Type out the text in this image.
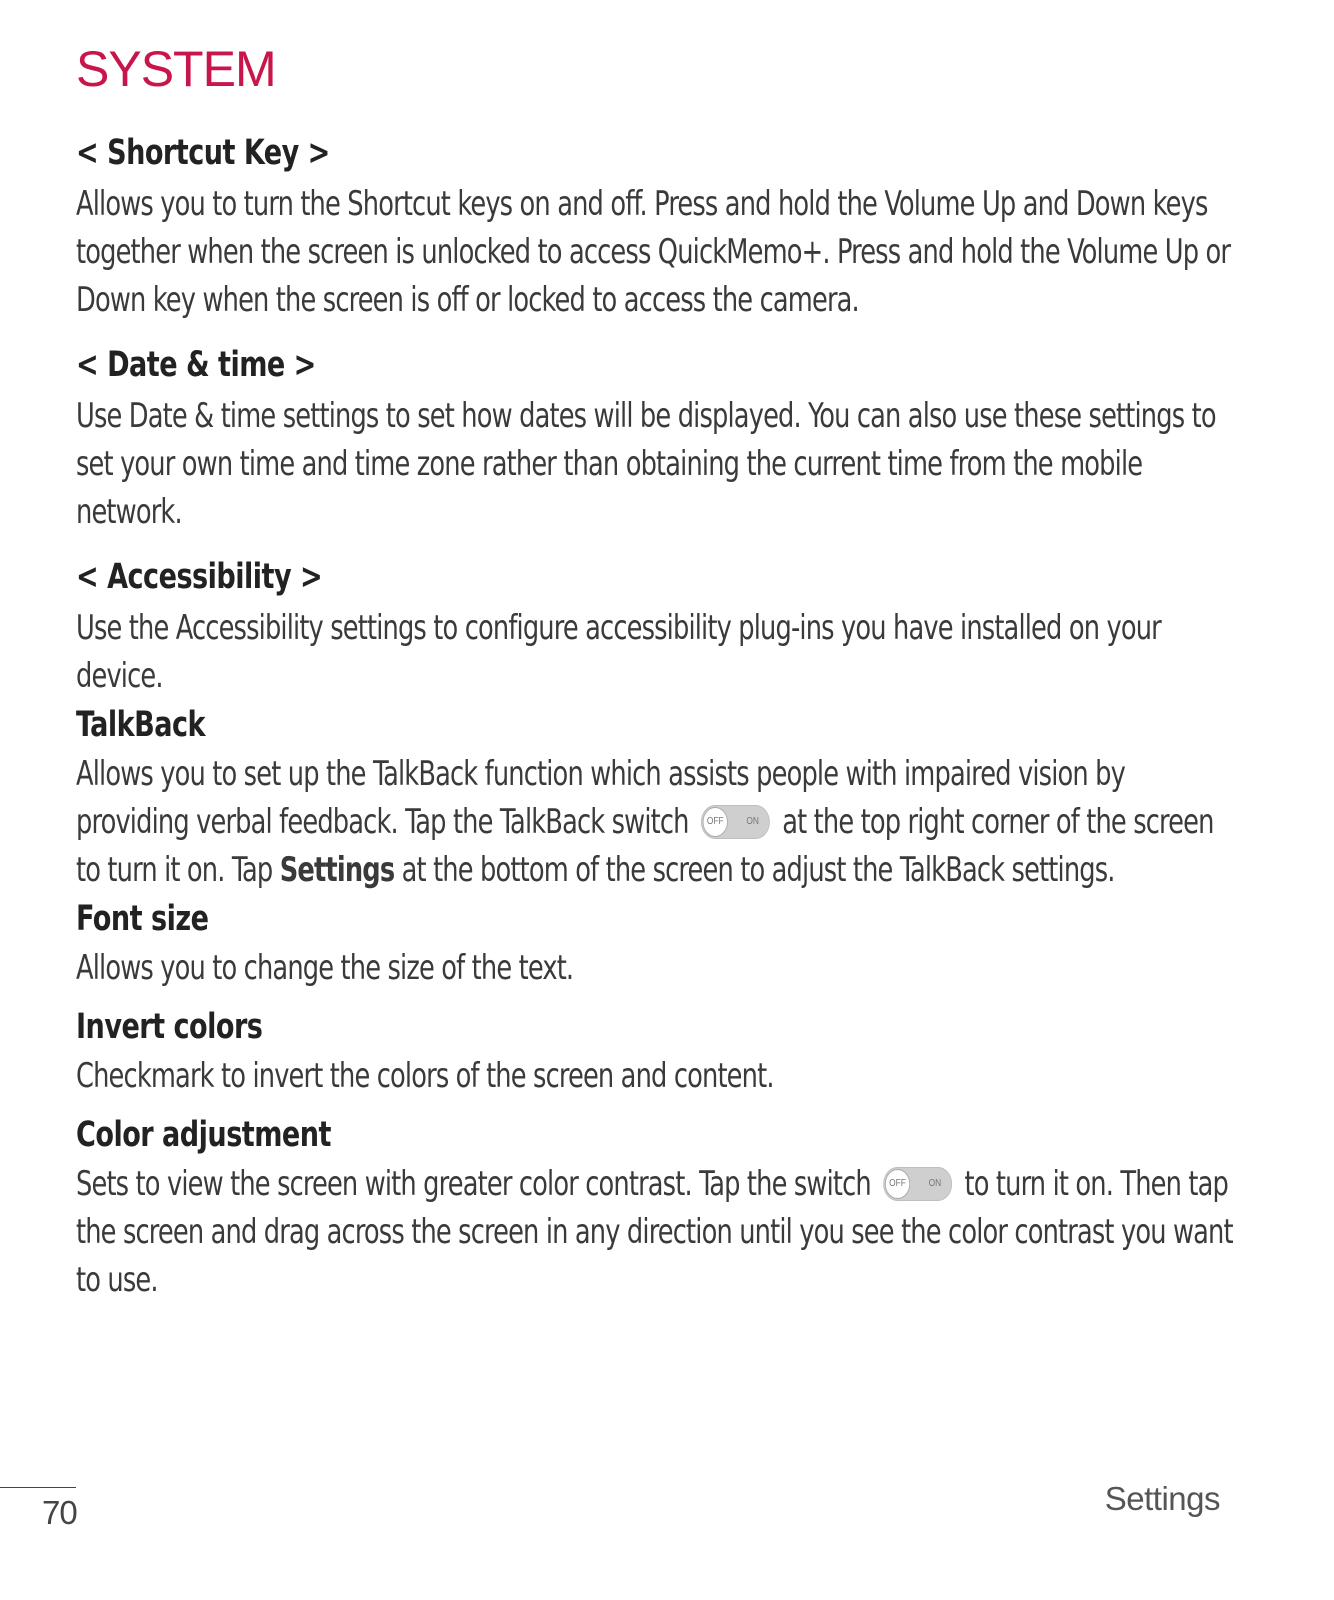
SYSTEM
< Shortcut Key >

Allows you to turn the Shortcut keys on and off. Press and hold the Volume Up and Down keys together when the screen is unlocked to access QuickMemo+. Press and hold the Volume Up or Down key when the screen is off or locked to access the camera.

< Date & time >

Use Date & time settings to set how dates will be displayed. You can also use these settings to set your own time and time zone rather than obtaining the current time from the mobile network.

< Accessibility >

Use the Accessibility settings to configure accessibility plug-ins you have installed on your device.

TalkBack

Allows you to set up the TalkBack function which assists people with impaired vision by providing verbal feedback. Tap the TalkBack switch	OFF	ON at the top right corner of the screen to turn it on. Tap Settings at the bottom of the screen to adjust the TalkBack settings.

Font size

Allows you to change the size of the text.

Invert colors

Checkmark to invert the colors of the screen and content.

Color adjustment

Sets to view the screen with greater color contrast. Tap the switch	OFF	ON to turn it on. Then tap the screen and drag across the screen in any direction until you see the color contrast you want to use.

70	Settings
